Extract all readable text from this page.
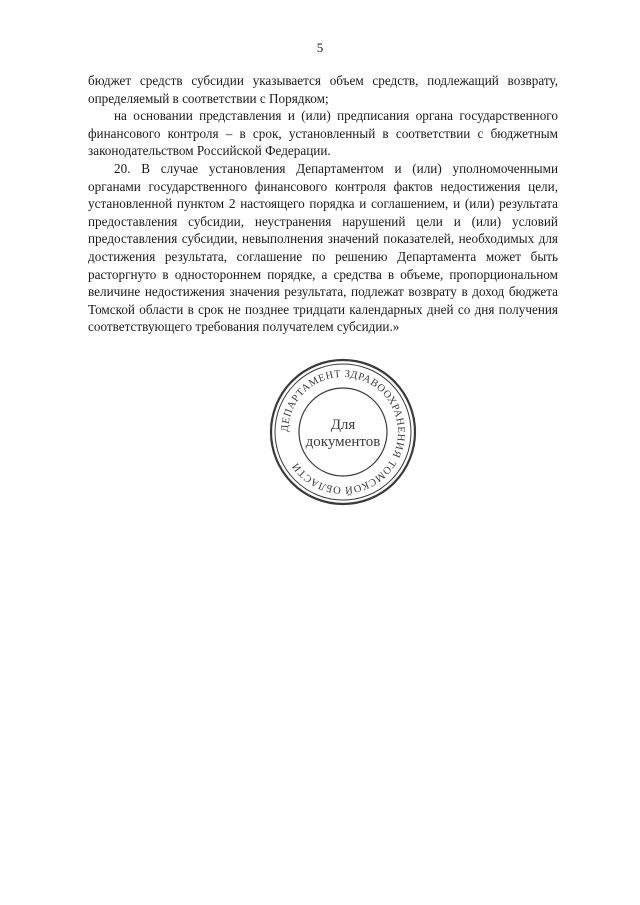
5

бюджет средств субсидии указывается объем средств, подлежащий возврату,

определяемый в соответствии с Порядком;

на основании представления и (или) предписания органа государственного финансового контроля – в срок, установленный в соответствии с бюджетным законодательством Российской Федерации.

20. В случае установления Департаментом и (или) уполномоченными органами государственного финансового контроля фактов недостижения цели, установленной пунктом 2 настоящего порядка и соглашением, и (или) результата предоставления субсидии, неустранения нарушений цели и (или) условий предоставления субсидии, невыполнения значений показателей, необходимых для достижения результата, соглашение по решению Департамента может быть расторгнуто в одностороннем порядке, а средства в объеме, пропорциональном величине недостижения значения результата, подлежат возврату в доход бюджета Томской области в срок не позднее тридцати календарных дней со дня получения соответствующего требования получателем субсидии.»

ДЕПАРТАМЕНТ ЗДРАВООХРАНЕНИЯ ТОМСКОЙ ОБЛАСТИ
Для
документов
